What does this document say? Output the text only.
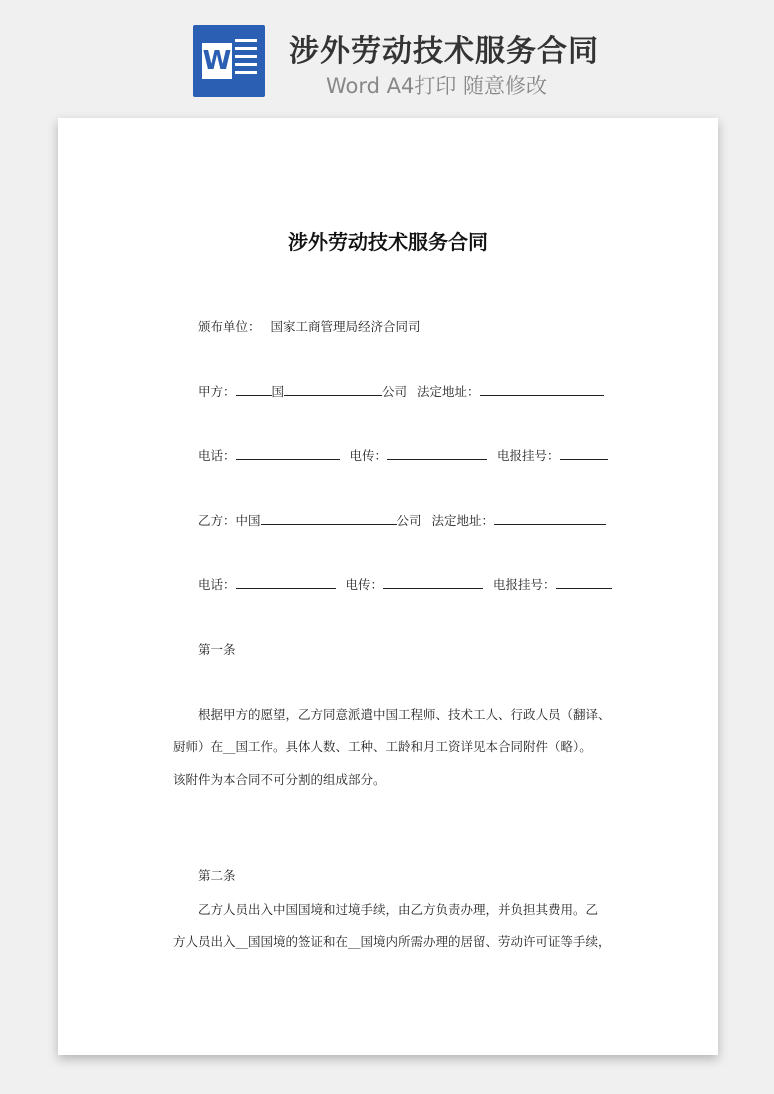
W 涉外劳动技术服务合同
Word A4打印 随意修改
涉外劳动技术服务合同
颁布单位： 国家工商管理局经济合同司
甲方：	国	公司 法定地址：
电话：	电传：	电报挂号：
乙方：中国	公司 法定地址：
电话：	电传：	电报挂号：
第一条
根据甲方的愿望，乙方同意派遣中国工程师、技术工人、行政人员（翻译、
厨师）在__国工作。具体人数、工种、工龄和月工资详见本合同附件（略）。
该附件为本合同不可分割的组成部分。
第二条
乙方人员出入中国国境和过境手续，由乙方负责办理，并负担其费用。乙
方人员出入__国国境的签证和在__国境内所需办理的居留、劳动许可证等手续，
